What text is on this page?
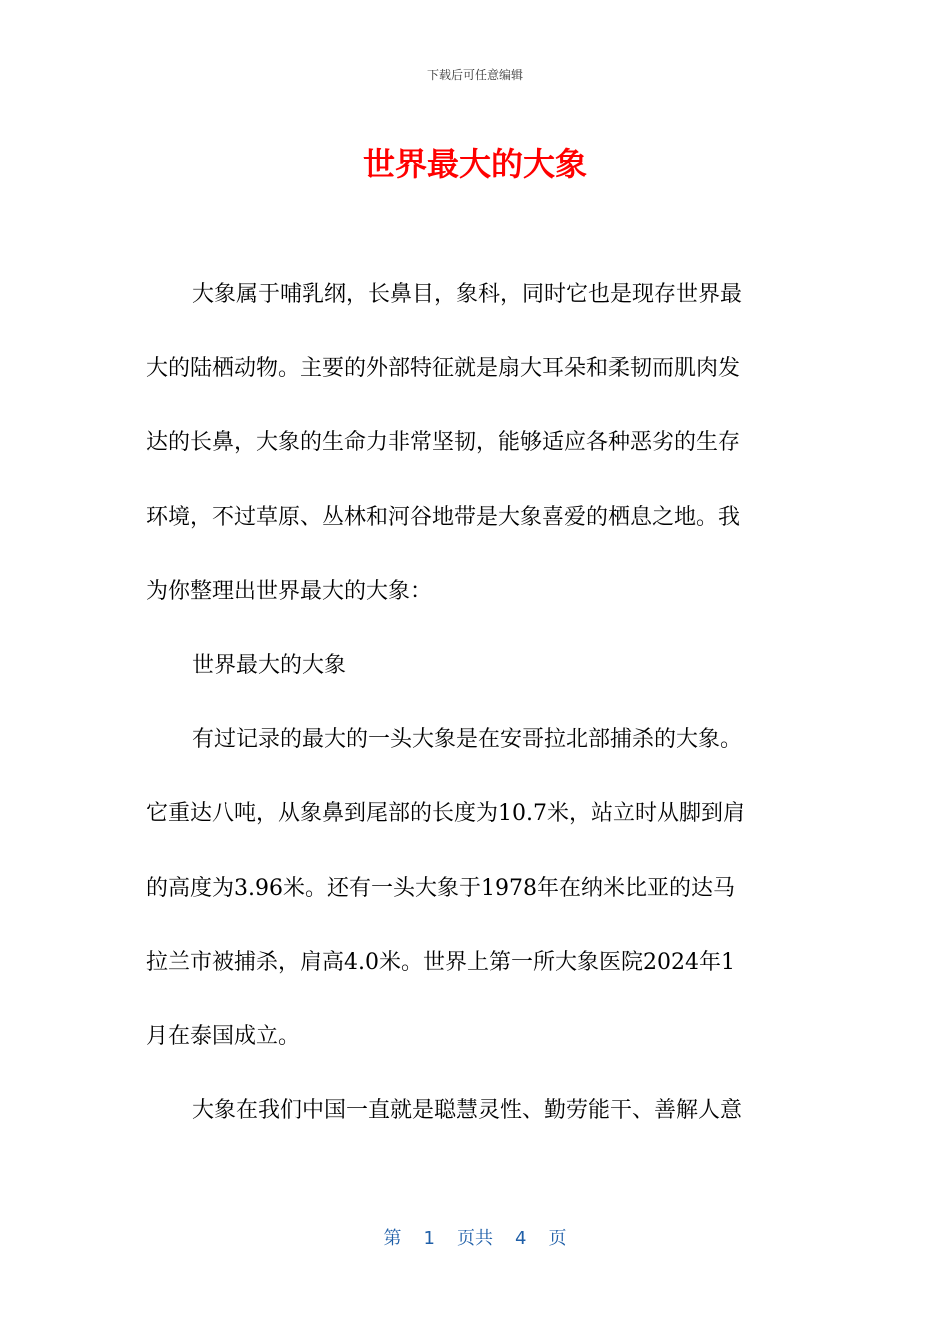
下载后可任意编辑
世界最大的大象
大象属于哺乳纲，长鼻目，象科，同时它也是现存世界最
大的陆栖动物。主要的外部特征就是扇大耳朵和柔韧而肌肉发
达的长鼻，大象的生命力非常坚韧，能够适应各种恶劣的生存
环境，不过草原、丛林和河谷地带是大象喜爱的栖息之地。我
为你整理出世界最大的大象：
世界最大的大象
有过记录的最大的一头大象是在安哥拉北部捕杀的大象。
它重达八吨，从象鼻到尾部的长度为10.7米，站立时从脚到肩
的高度为3.96米。还有一头大象于1978年在纳米比亚的达马
拉兰市被捕杀，肩高4.0米。世界上第一所大象医院2024年1
月在泰国成立。
大象在我们中国一直就是聪慧灵性、勤劳能干、善解人意
第 1 页共 4 页
